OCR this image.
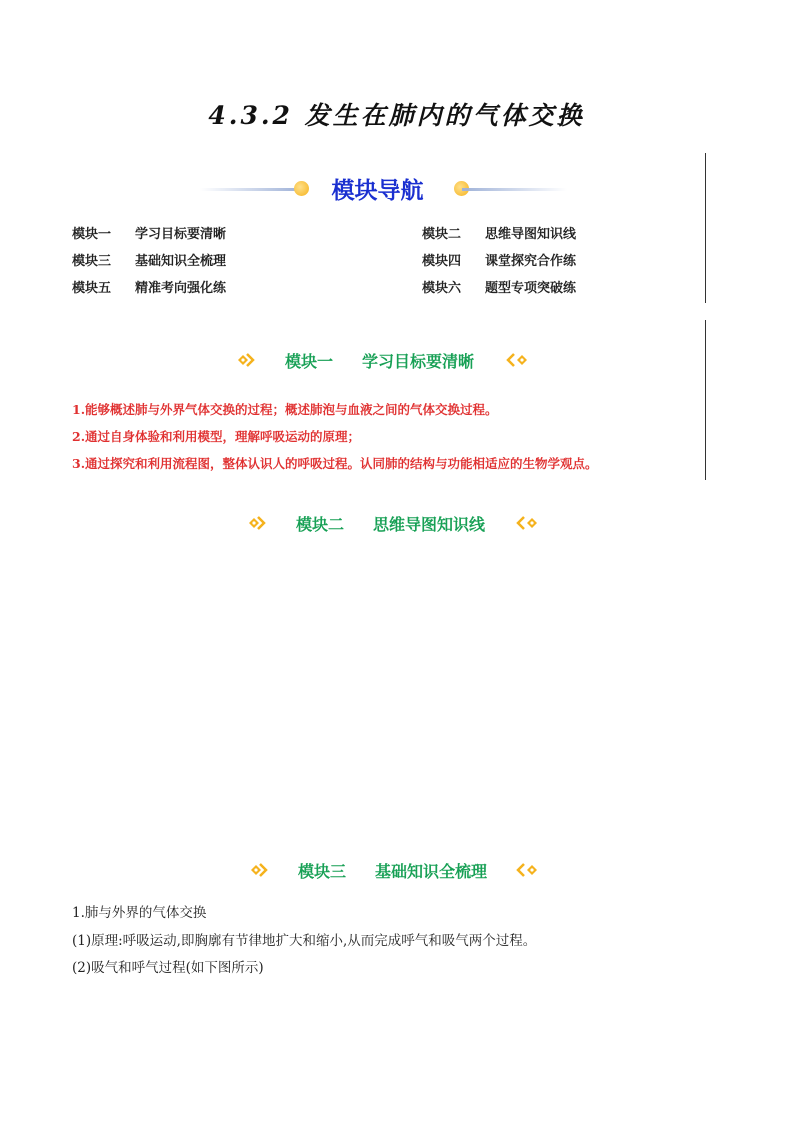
4.3.2 发生在肺内的气体交换
模块导航
模块一 学习目标要清晰	模块二 思维导图知识线
模块三 基础知识全梳理	模块四 课堂探究合作练
模块五 精准考向强化练	模块六 题型专项突破练
模块一 学习目标要清晰
1.能够概述肺与外界气体交换的过程；概述肺泡与血液之间的气体交换过程。
2.通过自身体验和利用模型，理解呼吸运动的原理；
3.通过探究和利用流程图，整体认识人的呼吸过程。认同肺的结构与功能相适应的生物学观点。
模块二 思维导图知识线
模块三 基础知识全梳理
1.肺与外界的气体交换
(1)原理:呼吸运动,即胸廓有节律地扩大和缩小,从而完成呼气和吸气两个过程。
(2)吸气和呼气过程(如下图所示)
